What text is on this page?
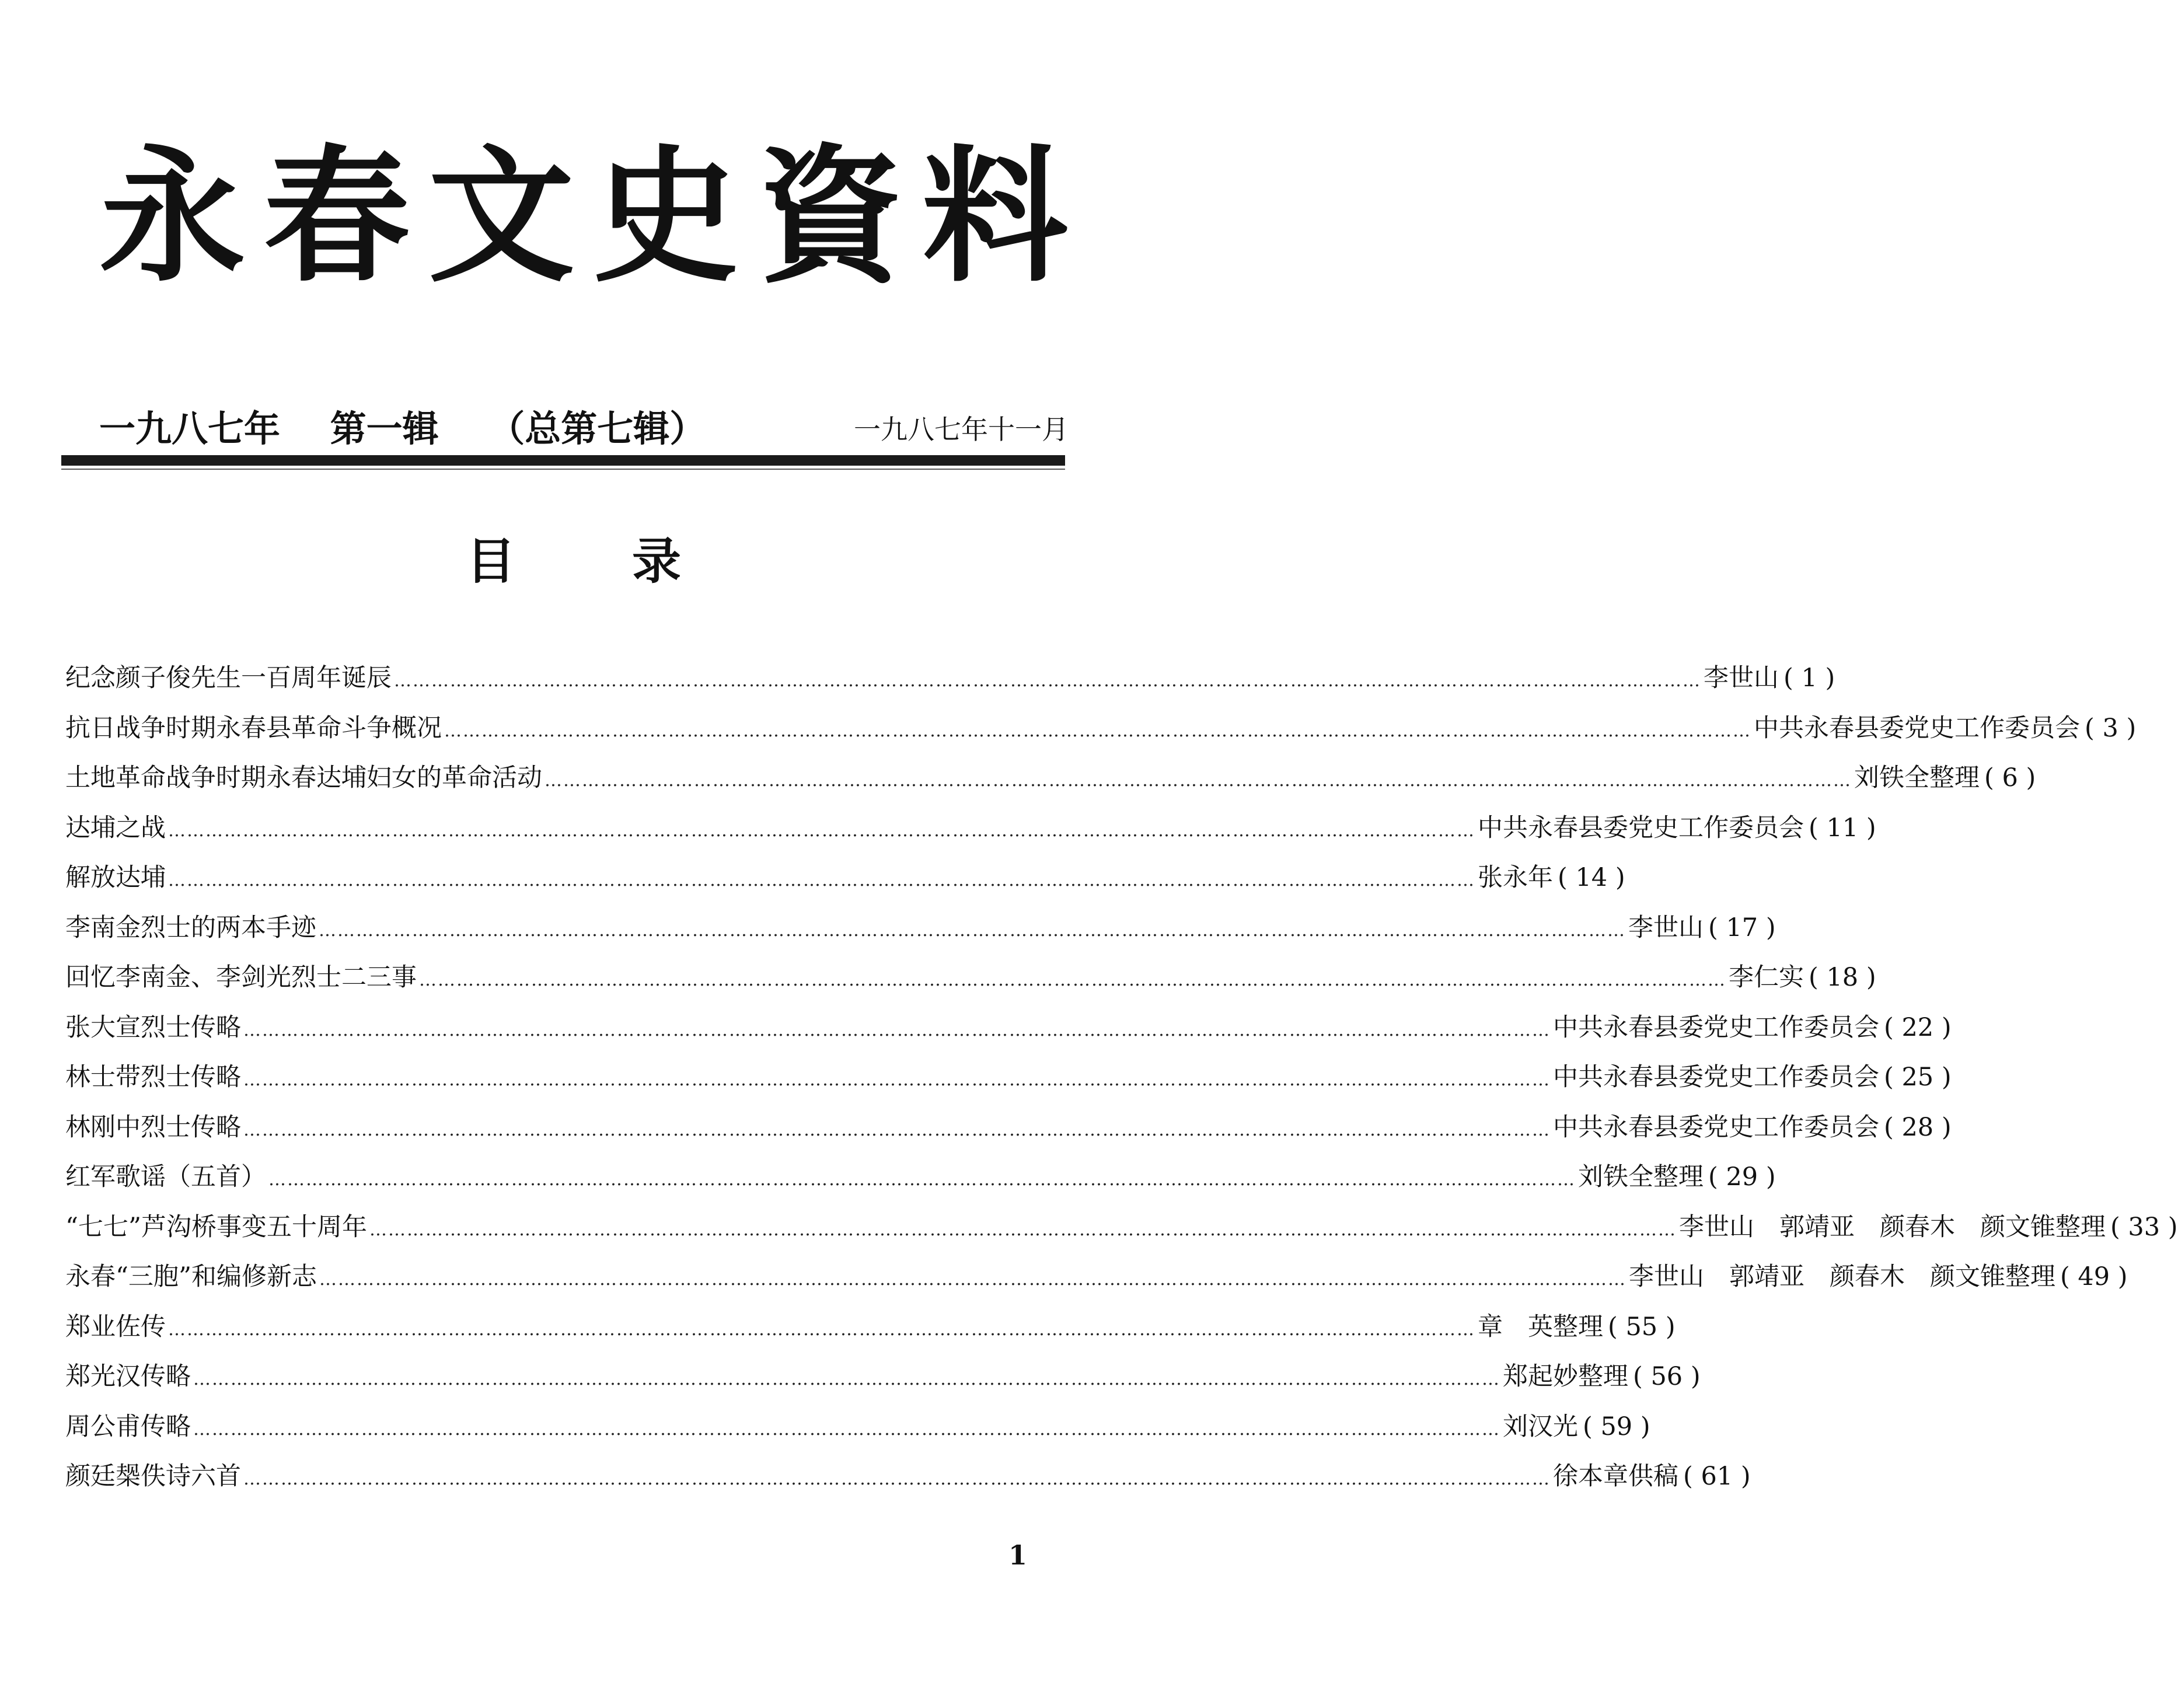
永 春 文 史 資 料
一九八七年 第一辑 （总第七辑）	一九八七年十一月
目录
纪念颜子俊先生一百周年诞辰 ………………………………………………………………………………………………………………………………………………………………………………………… 李世山 ( 1 )
抗日战争时期永春县革命斗争概况 ………………………………………………………………………………………………………………………………………………………………………………………… 中共永春县委党史工作委员会 ( 3 )
土地革命战争时期永春达埔妇女的革命活动 ………………………………………………………………………………………………………………………………………………………………………………………… 刘铁全整理 ( 6 )
达埔之战 ………………………………………………………………………………………………………………………………………………………………………………………… 中共永春县委党史工作委员会 ( 11 )
解放达埔 ………………………………………………………………………………………………………………………………………………………………………………………… 张永年 ( 14 )
李南金烈士的两本手迹 ………………………………………………………………………………………………………………………………………………………………………………………… 李世山 ( 17 )
回忆李南金、李剑光烈士二三事 ………………………………………………………………………………………………………………………………………………………………………………………… 李仁实 ( 18 )
张大宣烈士传略 ………………………………………………………………………………………………………………………………………………………………………………………… 中共永春县委党史工作委员会 ( 22 )
林士带烈士传略 ………………………………………………………………………………………………………………………………………………………………………………………… 中共永春县委党史工作委员会 ( 25 )
林刚中烈士传略 ………………………………………………………………………………………………………………………………………………………………………………………… 中共永春县委党史工作委员会 ( 28 )
红军歌谣（五首） ………………………………………………………………………………………………………………………………………………………………………………………… 刘铁全整理 ( 29 )
“七七”芦沟桥事变五十周年 ………………………………………………………………………………………………………………………………………………………………………………………… 李世山　郭靖亚　颜春木　颜文锥整理 ( 33 )
永春“三胞”和编修新志 ………………………………………………………………………………………………………………………………………………………………………………………… 李世山　郭靖亚　颜春木　颜文锥整理 ( 49 )
郑业佐传 ………………………………………………………………………………………………………………………………………………………………………………………… 章　英整理 ( 55 )
郑光汉传略 ………………………………………………………………………………………………………………………………………………………………………………………… 郑起妙整理 ( 56 )
周公甫传略 ………………………………………………………………………………………………………………………………………………………………………………………… 刘汉光 ( 59 )
颜廷椝佚诗六首 ………………………………………………………………………………………………………………………………………………………………………………………… 徐本章供稿 ( 61 )
1
